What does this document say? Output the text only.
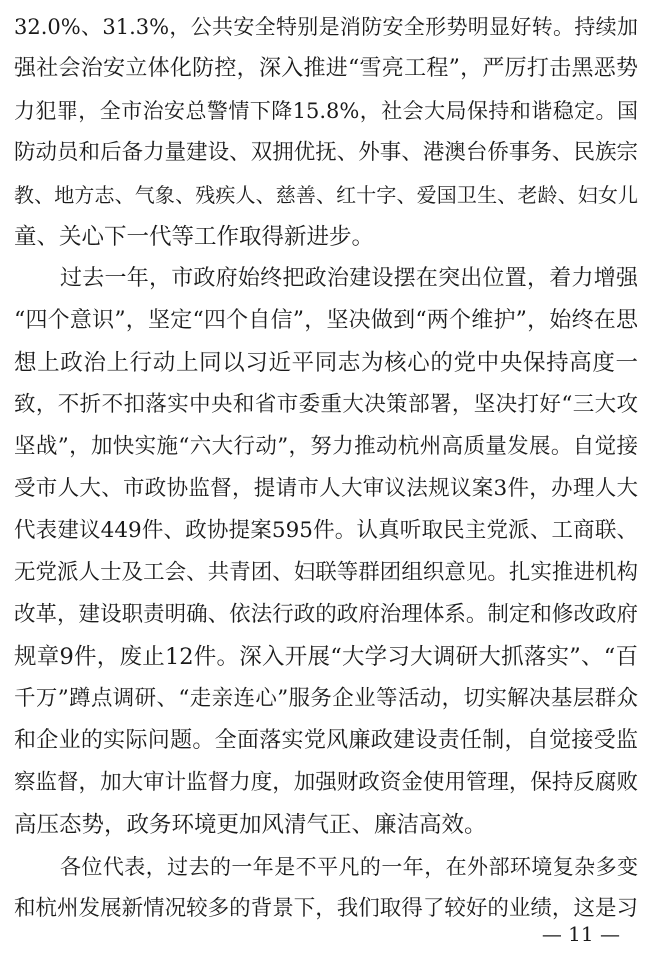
32.0%、31.3%，公共安全特别是消防安全形势明显好转。持续加
强社会治安立体化防控，深入推进“雪亮工程”，严厉打击黑恶势
力犯罪，全市治安总警情下降15.8%，社会大局保持和谐稳定。国
防动员和后备力量建设、双拥优抚、外事、港澳台侨事务、民族宗
教、地方志、气象、残疾人、慈善、红十字、爱国卫生、老龄、妇女儿
童、关心下一代等工作取得新进步。
过去一年，市政府始终把政治建设摆在突出位置，着力增强
“四个意识”，坚定“四个自信”，坚决做到“两个维护”，始终在思
想上政治上行动上同以习近平同志为核心的党中央保持高度一
致，不折不扣落实中央和省市委重大决策部署，坚决打好“三大攻
坚战”，加快实施“六大行动”，努力推动杭州高质量发展。自觉接
受市人大、市政协监督，提请市人大审议法规议案3件，办理人大
代表建议449件、政协提案595件。认真听取民主党派、工商联、
无党派人士及工会、共青团、妇联等群团组织意见。扎实推进机构
改革，建设职责明确、依法行政的政府治理体系。制定和修改政府
规章9件，废止12件。深入开展“大学习大调研大抓落实”、“百
千万”蹲点调研、“走亲连心”服务企业等活动，切实解决基层群众
和企业的实际问题。全面落实党风廉政建设责任制，自觉接受监
察监督，加大审计监督力度，加强财政资金使用管理，保持反腐败
高压态势，政务环境更加风清气正、廉洁高效。
各位代表，过去的一年是不平凡的一年，在外部环境复杂多变
和杭州发展新情况较多的背景下，我们取得了较好的业绩，这是习
— 11 —
